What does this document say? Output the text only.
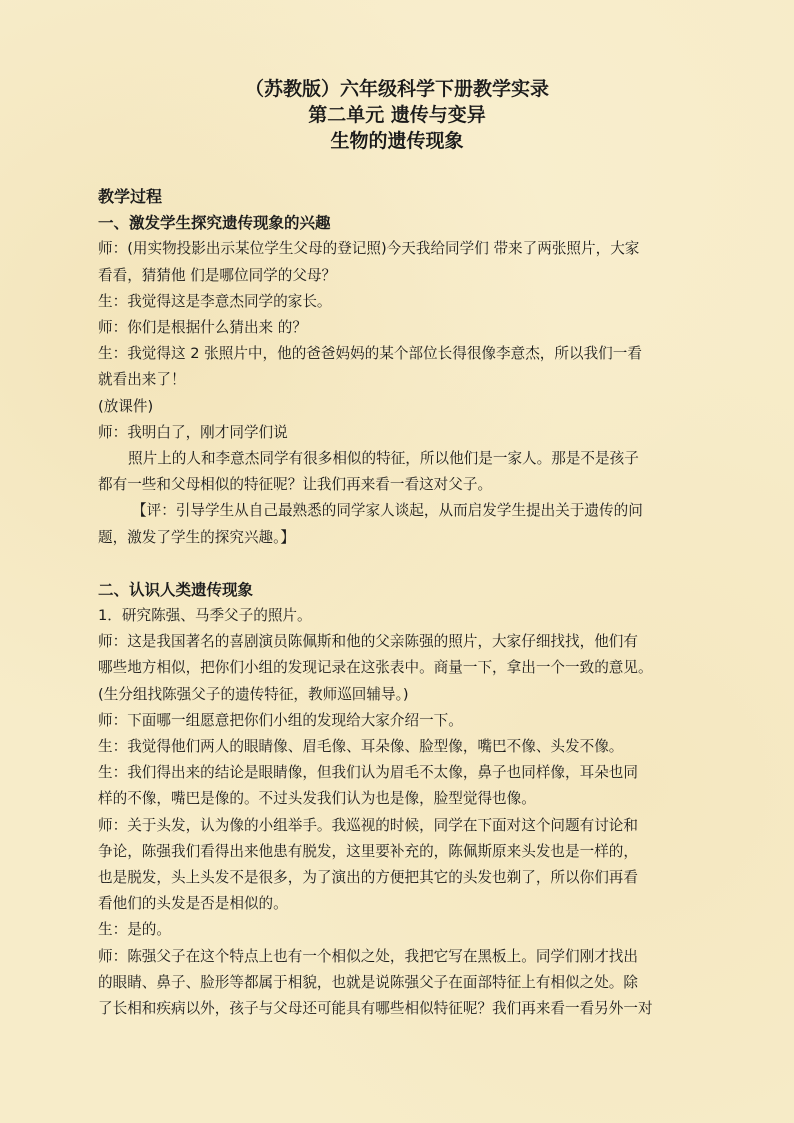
（苏教版）六年级科学下册教学实录

第二单元 遗传与变异

生物的遗传现象

教学过程

一、激发学生探究遗传现象的兴趣

师：(用实物投影出示某位学生父母的登记照)今天我给同学们 带来了两张照片，大家

看看，猜猜他 们是哪位同学的父母？

生：我觉得这是李意杰同学的家长。

师：你们是根据什么猜出来 的？

生：我觉得这 2 张照片中，他的爸爸妈妈的某个部位长得很像李意杰，所以我们一看

就看出来了！

(放课件)

师：我明白了，刚才同学们说

照片上的人和李意杰同学有很多相似的特征，所以他们是一家人。那是不是孩子

都有一些和父母相似的特征呢？让我们再来看一看这对父子。

【评：引导学生从自己最熟悉的同学家人谈起，从而启发学生提出关于遗传的问

题，激发了学生的探究兴趣。】

二、认识人类遗传现象

1．研究陈强、马季父子的照片。

师：这是我国著名的喜剧演员陈佩斯和他的父亲陈强的照片，大家仔细找找，他们有

哪些地方相似，把你们小组的发现记录在这张表中。商量一下，拿出一个一致的意见。

(生分组找陈强父子的遗传特征，教师巡回辅导。)

师：下面哪一组愿意把你们小组的发现给大家介绍一下。

生：我觉得他们两人的眼睛像、眉毛像、耳朵像、脸型像，嘴巴不像、头发不像。

生：我们得出来的结论是眼睛像，但我们认为眉毛不太像，鼻子也同样像，耳朵也同

样的不像，嘴巴是像的。不过头发我们认为也是像，脸型觉得也像。

师：关于头发，认为像的小组举手。我巡视的时候，同学在下面对这个问题有讨论和

争论，陈强我们看得出来他患有脱发，这里要补充的，陈佩斯原来头发也是一样的，

也是脱发，头上头发不是很多，为了演出的方便把其它的头发也剃了，所以你们再看

看他们的头发是否是相似的。

生：是的。

师：陈强父子在这个特点上也有一个相似之处，我把它写在黑板上。同学们刚才找出

的眼睛、鼻子、脸形等都属于相貌，也就是说陈强父子在面部特征上有相似之处。除

了长相和疾病以外，孩子与父母还可能具有哪些相似特征呢？我们再来看一看另外一对
